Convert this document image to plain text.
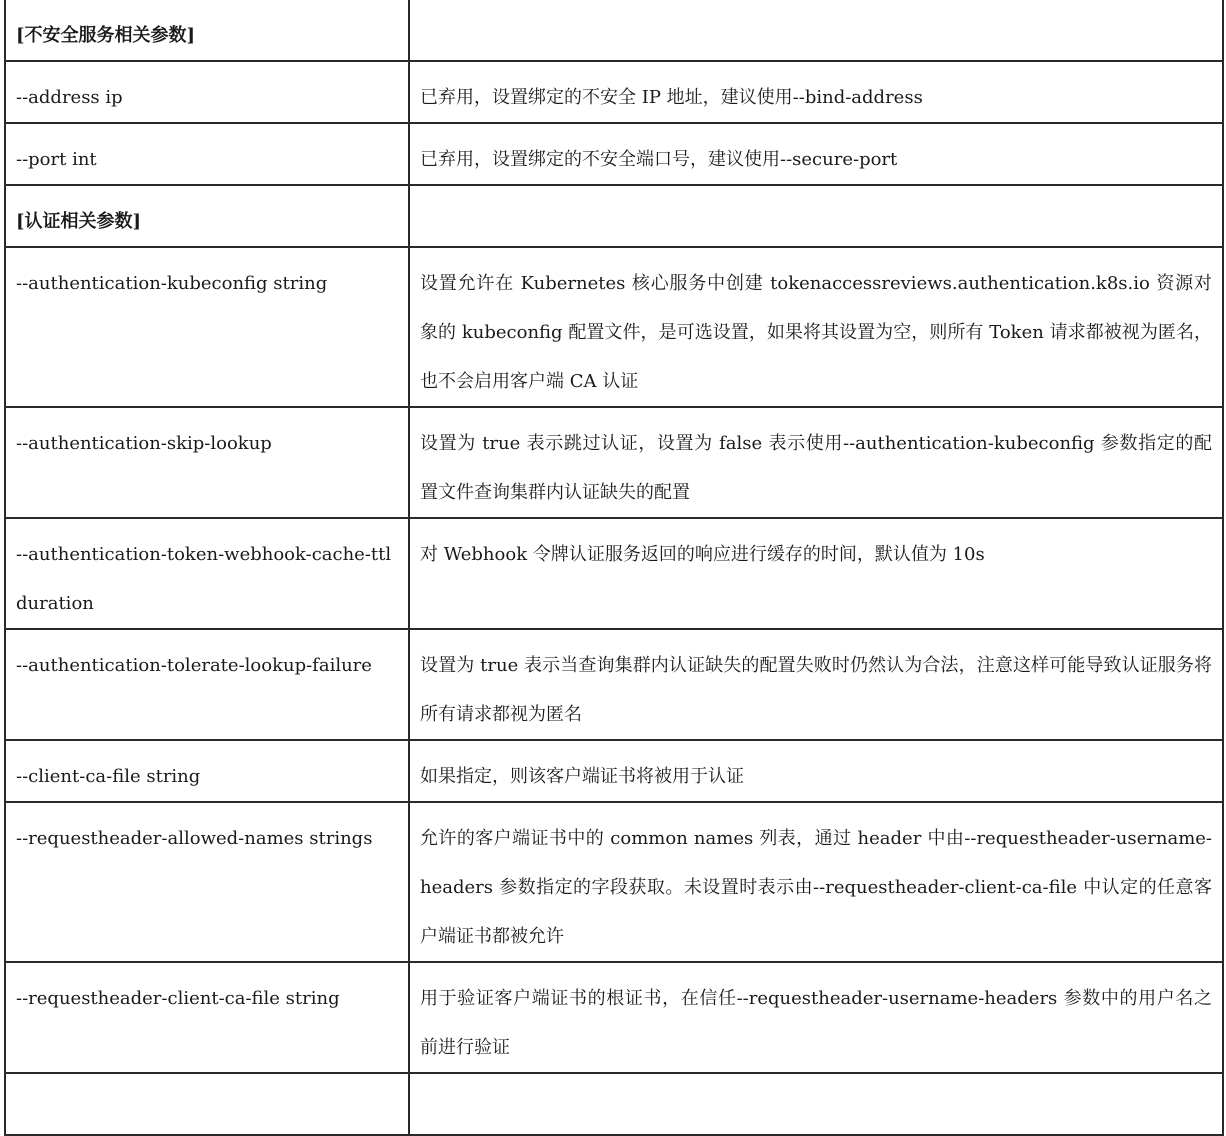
[不安全服务相关参数]	
--address ip	已弃用，设置绑定的不安全 IP 地址，建议使用--bind-address
--port int	已弃用，设置绑定的不安全端口号，建议使用--secure-port
[认证相关参数]	
--authentication-kubeconfig string	设置允许在 Kubernetes 核心服务中创建 tokenaccessreviews.authentication.k8s.io 资源对象的 kubeconfig 配置文件，是可选设置，如果将其设置为空，则所有 Token 请求都被视为匿名，也不会启用客户端 CA 认证
--authentication-skip-lookup	设置为 true 表示跳过认证，设置为 false 表示使用--authentication-kubeconfig 参数指定的配置文件查询集群内认证缺失的配置
--authentication-token-webhook-cache-ttl duration	对 Webhook 令牌认证服务返回的响应进行缓存的时间，默认值为 10s
--authentication-tolerate-lookup-failure	设置为 true 表示当查询集群内认证缺失的配置失败时仍然认为合法，注意这样可能导致认证服务将所有请求都视为匿名
--client-ca-file string	如果指定，则该客户端证书将被用于认证
--requestheader-allowed-names strings	允许的客户端证书中的 common names 列表，通过 header 中由--requestheader-username-headers 参数指定的字段获取。未设置时表示由--requestheader-client-ca-file 中认定的任意客户端证书都被允许
--requestheader-client-ca-file string	用于验证客户端证书的根证书，在信任--requestheader-username-headers 参数中的用户名之前进行验证
